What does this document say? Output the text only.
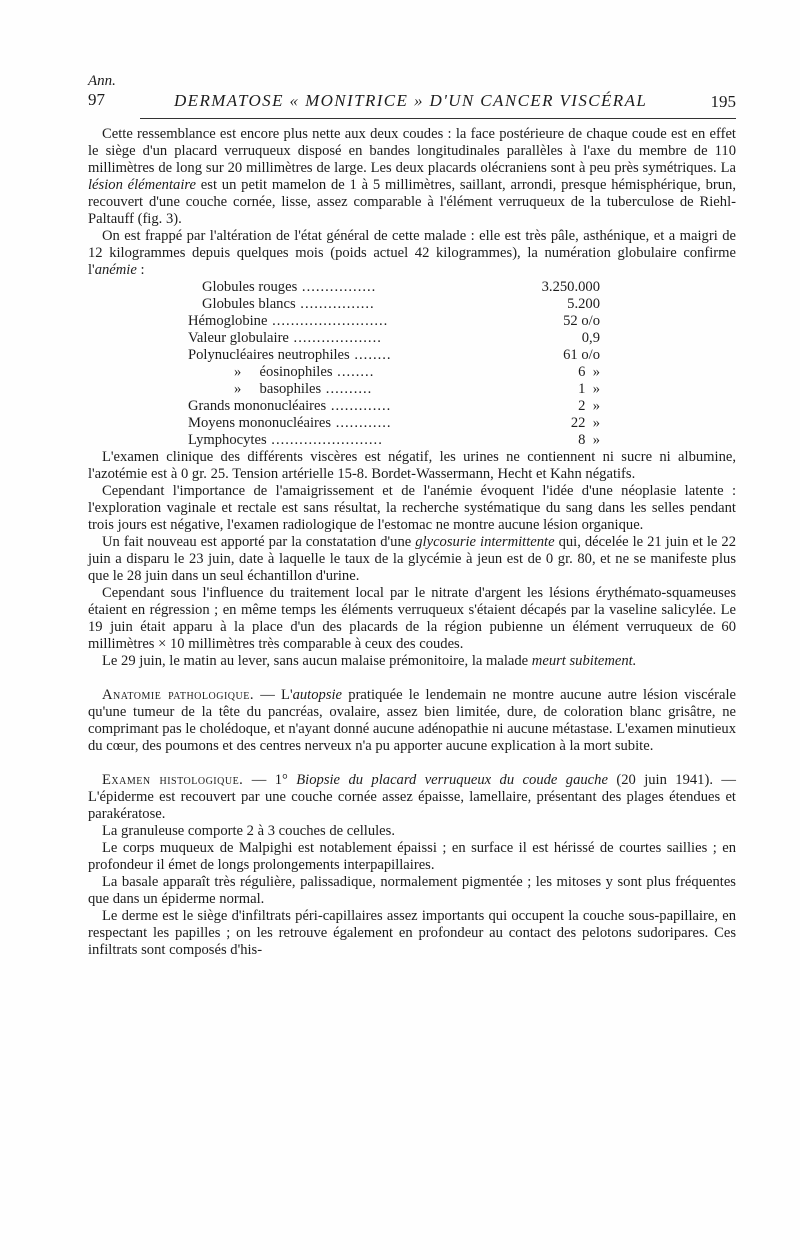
Ann.
97	DERMATOSE « MONITRICE » D'UN CANCER VISCÉRAL	195

Cette ressemblance est encore plus nette aux deux coudes : la face postérieure de chaque coude est en effet le siège d'un placard verruqueux disposé en bandes longitudinales parallèles à l'axe du membre de 110 millimètres de long sur 20 millimètres de large. Les deux placards olécraniens sont à peu près symétriques. La lésion élémentaire est un petit mamelon de 1 à 5 millimètres, saillant, arrondi, presque hémisphérique, brun, recouvert d'une couche cornée, lisse, assez comparable à l'élément verruqueux de la tuberculose de Riehl-Paltauff (fig. 3).

On est frappé par l'altération de l'état général de cette malade : elle est très pâle, asthénique, et a maigri de 12 kilogrammes depuis quelques mois (poids actuel 42 kilogrammes), la numération globulaire confirme l'anémie :

Globules rouges ................	3.250.000
Globules blancs ................	5.200
Hémoglobine .........................	52 o/o
Valeur globulaire ...................	0,9
Polynucléaires neutrophiles ........	61 o/o
»     éosinophiles ........	6  »
»     basophiles ..........	1  »
Grands mononucléaires .............	2  »
Moyens mononucléaires ............	22  »
Lymphocytes ........................	8  »

L'examen clinique des différents viscères est négatif, les urines ne contiennent ni sucre ni albumine, l'azotémie est à 0 gr. 25. Tension artérielle 15-8. Bordet-Wassermann, Hecht et Kahn négatifs.

Cependant l'importance de l'amaigrissement et de l'anémie évoquent l'idée d'une néoplasie latente : l'exploration vaginale et rectale est sans résultat, la recherche systématique du sang dans les selles pendant trois jours est négative, l'examen radiologique de l'estomac ne montre aucune lésion organique.

Un fait nouveau est apporté par la constatation d'une glycosurie intermittente qui, décelée le 21 juin et le 22 juin a disparu le 23 juin, date à laquelle le taux de la glycémie à jeun est de 0 gr. 80, et ne se manifeste plus que le 28 juin dans un seul échantillon d'urine.

Cependant sous l'influence du traitement local par le nitrate d'argent les lésions érythémato-squameuses étaient en régression ; en même temps les éléments verruqueux s'étaient décapés par la vaseline salicylée. Le 19 juin était apparu à la place d'un des placards de la région pubienne un élément verruqueux de 60 millimètres × 10 millimètres très comparable à ceux des coudes.

Le 29 juin, le matin au lever, sans aucun malaise prémonitoire, la malade meurt subitement.

Anatomie pathologique. — L'autopsie pratiquée le lendemain ne montre aucune autre lésion viscérale qu'une tumeur de la tête du pancréas, ovalaire, assez bien limitée, dure, de coloration blanc grisâtre, ne comprimant pas le cholédoque, et n'ayant donné aucune adénopathie ni aucune métastase. L'examen minutieux du cœur, des poumons et des centres nerveux n'a pu apporter aucune explication à la mort subite.

Examen histologique. — 1° Biopsie du placard verruqueux du coude gauche (20 juin 1941). — L'épiderme est recouvert par une couche cornée assez épaisse, lamellaire, présentant des plages étendues et parakératose.

La granuleuse comporte 2 à 3 couches de cellules.

Le corps muqueux de Malpighi est notablement épaissi ; en surface il est hérissé de courtes saillies ; en profondeur il émet de longs prolongements interpapillaires.

La basale apparaît très régulière, palissadique, normalement pigmentée ; les mitoses y sont plus fréquentes que dans un épiderme normal.

Le derme est le siège d'infiltrats péri-capillaires assez importants qui occupent la couche sous-papillaire, en respectant les papilles ; on les retrouve également en profondeur au contact des pelotons sudoripares. Ces infiltrats sont composés d'his-
